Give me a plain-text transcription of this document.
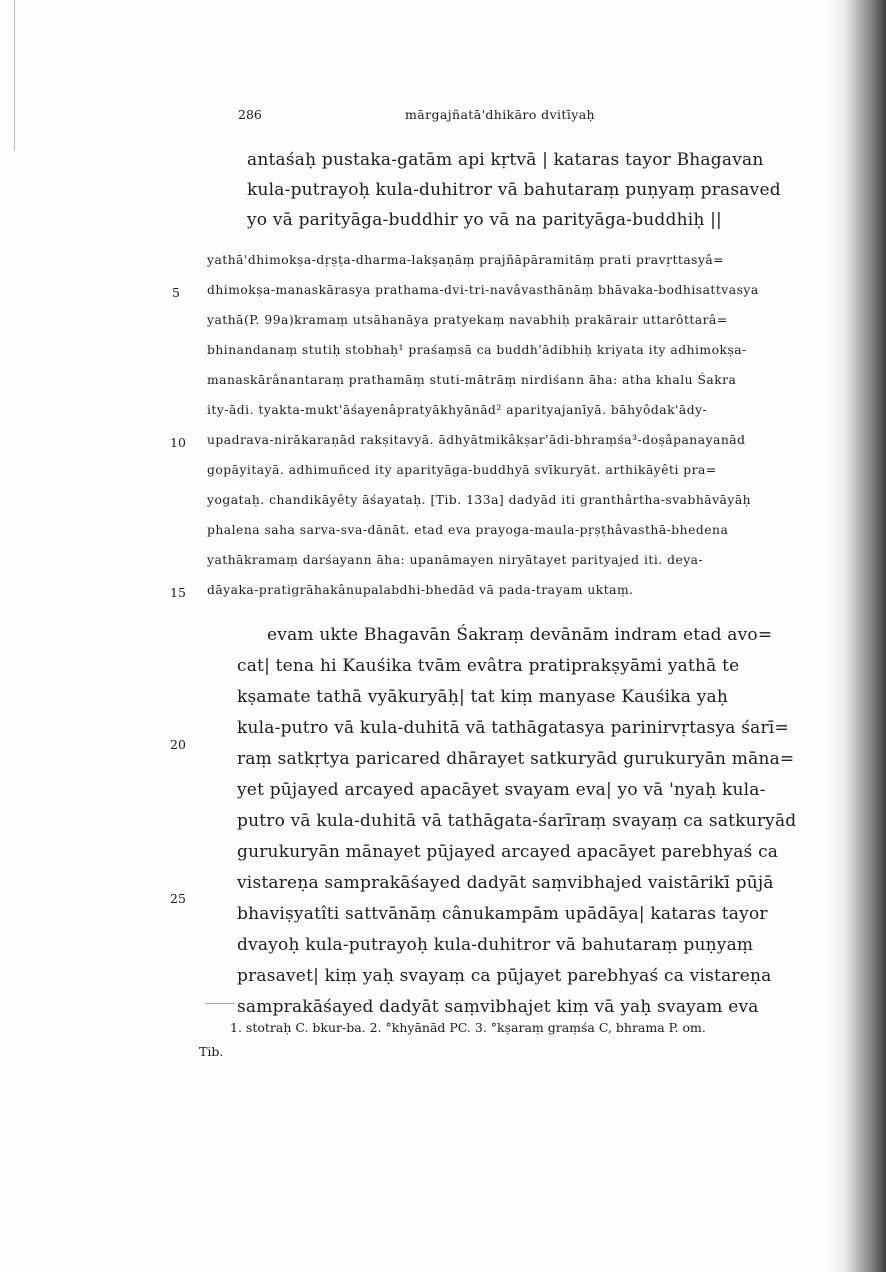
286	mārgajñatā'dhikāro dvitīyaḥ
antaśaḥ pustaka-gatām api kṛtvā | kataras tayor Bhagavan
kula-putrayoḥ kula-duhitror vā bahutaraṃ puṇyaṃ prasaved
yo vā parityāga-buddhir yo vā na parityāga-buddhiḥ ||
yathā'dhimokṣa-dṛṣṭa-dharma-lakṣaṇāṃ prajñāpāramitāṃ prati pravṛttasyâ=
dhimokṣa-manaskārasya prathama-dvi-tri-navâvasthānāṃ bhāvaka-bodhisattvasya
yathā(P. 99a)kramaṃ utsāhanāya pratyekaṃ navabhiḥ prakārair uttarôttarâ=
bhinandanaṃ stutiḥ stobhaḥ¹ praśaṃsā ca buddh'ādibhiḥ kriyata ity adhimokṣa-
manaskārânantaraṃ prathamāṃ stuti-mātrāṃ nirdiśann āha: atha khalu Śakra
ity-ādi. tyakta-mukt'āśayenâpratyākhyānād² aparityajanīyā. bāhyôdak'ādy-
upadrava-nirākaraṇād rakṣitavyā. ādhyātmikâkṣar'ādi-bhraṃśa³-doṣâpanayanād
gopāyitayā. adhimuñced ity aparityāga-buddhyā svīkuryāt. arthikāyêti pra=
yogataḥ. chandikāyêty āśayataḥ. [Tib. 133a] dadyād iti granthârtha-svabhāvāyāḥ
phalena saha sarva-sva-dānāt. etad eva prayoga-maula-pṛṣṭhâvasthā-bhedena
yathākramaṃ darśayann āha: upanāmayen niryātayet parityajed iti. deya-
dāyaka-pratigrāhakânupalabdhi-bhedād vā pada-trayam uktaṃ.
5
10
15
20
25
evam ukte Bhagavān Śakraṃ devānām indram etad avo=
cat| tena hi Kauśika tvām evâtra pratiprakṣyāmi yathā te
kṣamate tathā vyākuryāḥ| tat kiṃ manyase Kauśika yaḥ
kula-putro vā kula-duhitā vā tathāgatasya parinirvṛtasya śarī=
raṃ satkṛtya paricared dhārayet satkuryād gurukuryān māna=
yet pūjayed arcayed apacāyet svayam eva| yo vā 'nyaḥ kula-
putro vā kula-duhitā vā tathāgata-śarīraṃ svayaṃ ca satkuryād
gurukuryān mānayet pūjayed arcayed apacāyet parebhyaś ca
vistareṇa samprakāśayed dadyāt saṃvibhajed vaistārikī pūjā
bhaviṣyatîti sattvānāṃ cânukampām upādāya| kataras tayor
dvayoḥ kula-putrayoḥ kula-duhitror vā bahutaraṃ puṇyaṃ
prasavet| kiṃ yaḥ svayaṃ ca pūjayet parebhyaś ca vistareṇa
samprakāśayed dadyāt saṃvibhajet kiṃ vā yaḥ svayam eva
1. stotraḥ C. bkur-ba. 2. °khyānād PC. 3. °kṣaraṃ graṃśa C, bhrama P. om.
Tib.
